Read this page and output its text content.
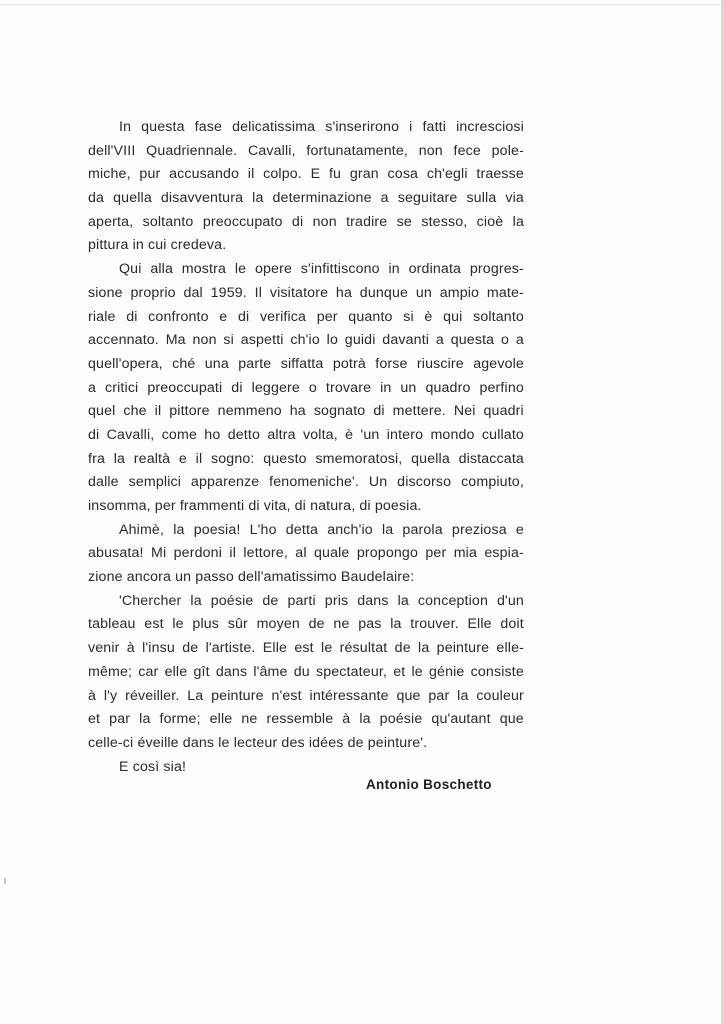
In questa fase delicatissima s'inserirono i fatti incresciosi
dell'VIII Quadriennale. Cavalli, fortunatamente, non fece pole-
miche, pur accusando il colpo. E fu gran cosa ch'egli traesse
da quella disavventura la determinazione a seguitare sulla via
aperta, soltanto preoccupato di non tradire se stesso, cioè la
pittura in cui credeva.
Qui alla mostra le opere s'infittiscono in ordinata progres-
sione proprio dal 1959. Il visitatore ha dunque un ampio mate-
riale di confronto e di verifica per quanto si è qui soltanto
accennato. Ma non si aspetti ch'io lo guidi davanti a questa o a
quell'opera, ché una parte siffatta potrà forse riuscire agevole
a critici preoccupati di leggere o trovare in un quadro perfino
quel che il pittore nemmeno ha sognato di mettere. Nei quadri
di Cavalli, come ho detto altra volta, è 'un intero mondo cullato
fra la realtà e il sogno: questo smemoratosi, quella distaccata
dalle semplici apparenze fenomeniche'. Un discorso compiuto,
insomma, per frammenti di vita, di natura, di poesia.
Ahimè, la poesia! L'ho detta anch'io la parola preziosa e
abusata! Mi perdoni il lettore, al quale propongo per mia espia-
zione ancora un passo dell'amatissimo Baudelaire:
'Chercher la poésie de parti pris dans la conception d'un
tableau est le plus sûr moyen de ne pas la trouver. Elle doit
venir à l'insu de l'artiste. Elle est le résultat de la peinture elle-
même; car elle gît dans l'âme du spectateur, et le génie consiste
à l'y réveiller. La peinture n'est intéressante que par la couleur
et par la forme; elle ne ressemble à la poésie qu'autant que
celle-ci éveille dans le lecteur des idées de peinture'.
E così sia!
Antonio Boschetto
